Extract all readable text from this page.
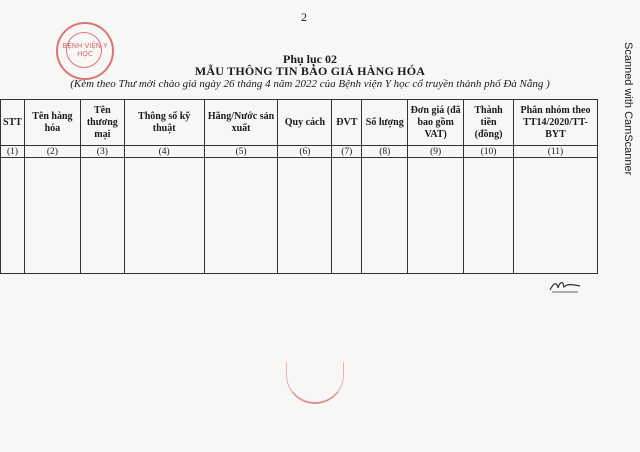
2
BỆNH VIỆN Y HỌC	Phụ lục 02
MẪU THÔNG TIN BÁO GIÁ HÀNG HÓA
(Kèm theo Thư mời chào giá ngày 26 tháng 4 năm 2022 của Bệnh viện Y học cổ truyền thành phố Đà Nẵng )
STT	Tên hàng hóa	Tên thương mại	Thông số kỹ thuật	Hãng/Nước sản xuất	Quy cách	ĐVT	Số lượng	Đơn giá (đã bao gồm VAT)	Thành tiền (đồng)	Phân nhóm theo TT14/2020/TT-BYT
(1)	(2)	(3)	(4)	(5)	(6)	(7)	(8)	(9)	(10)	(11)
											Scanned with CamScanner
